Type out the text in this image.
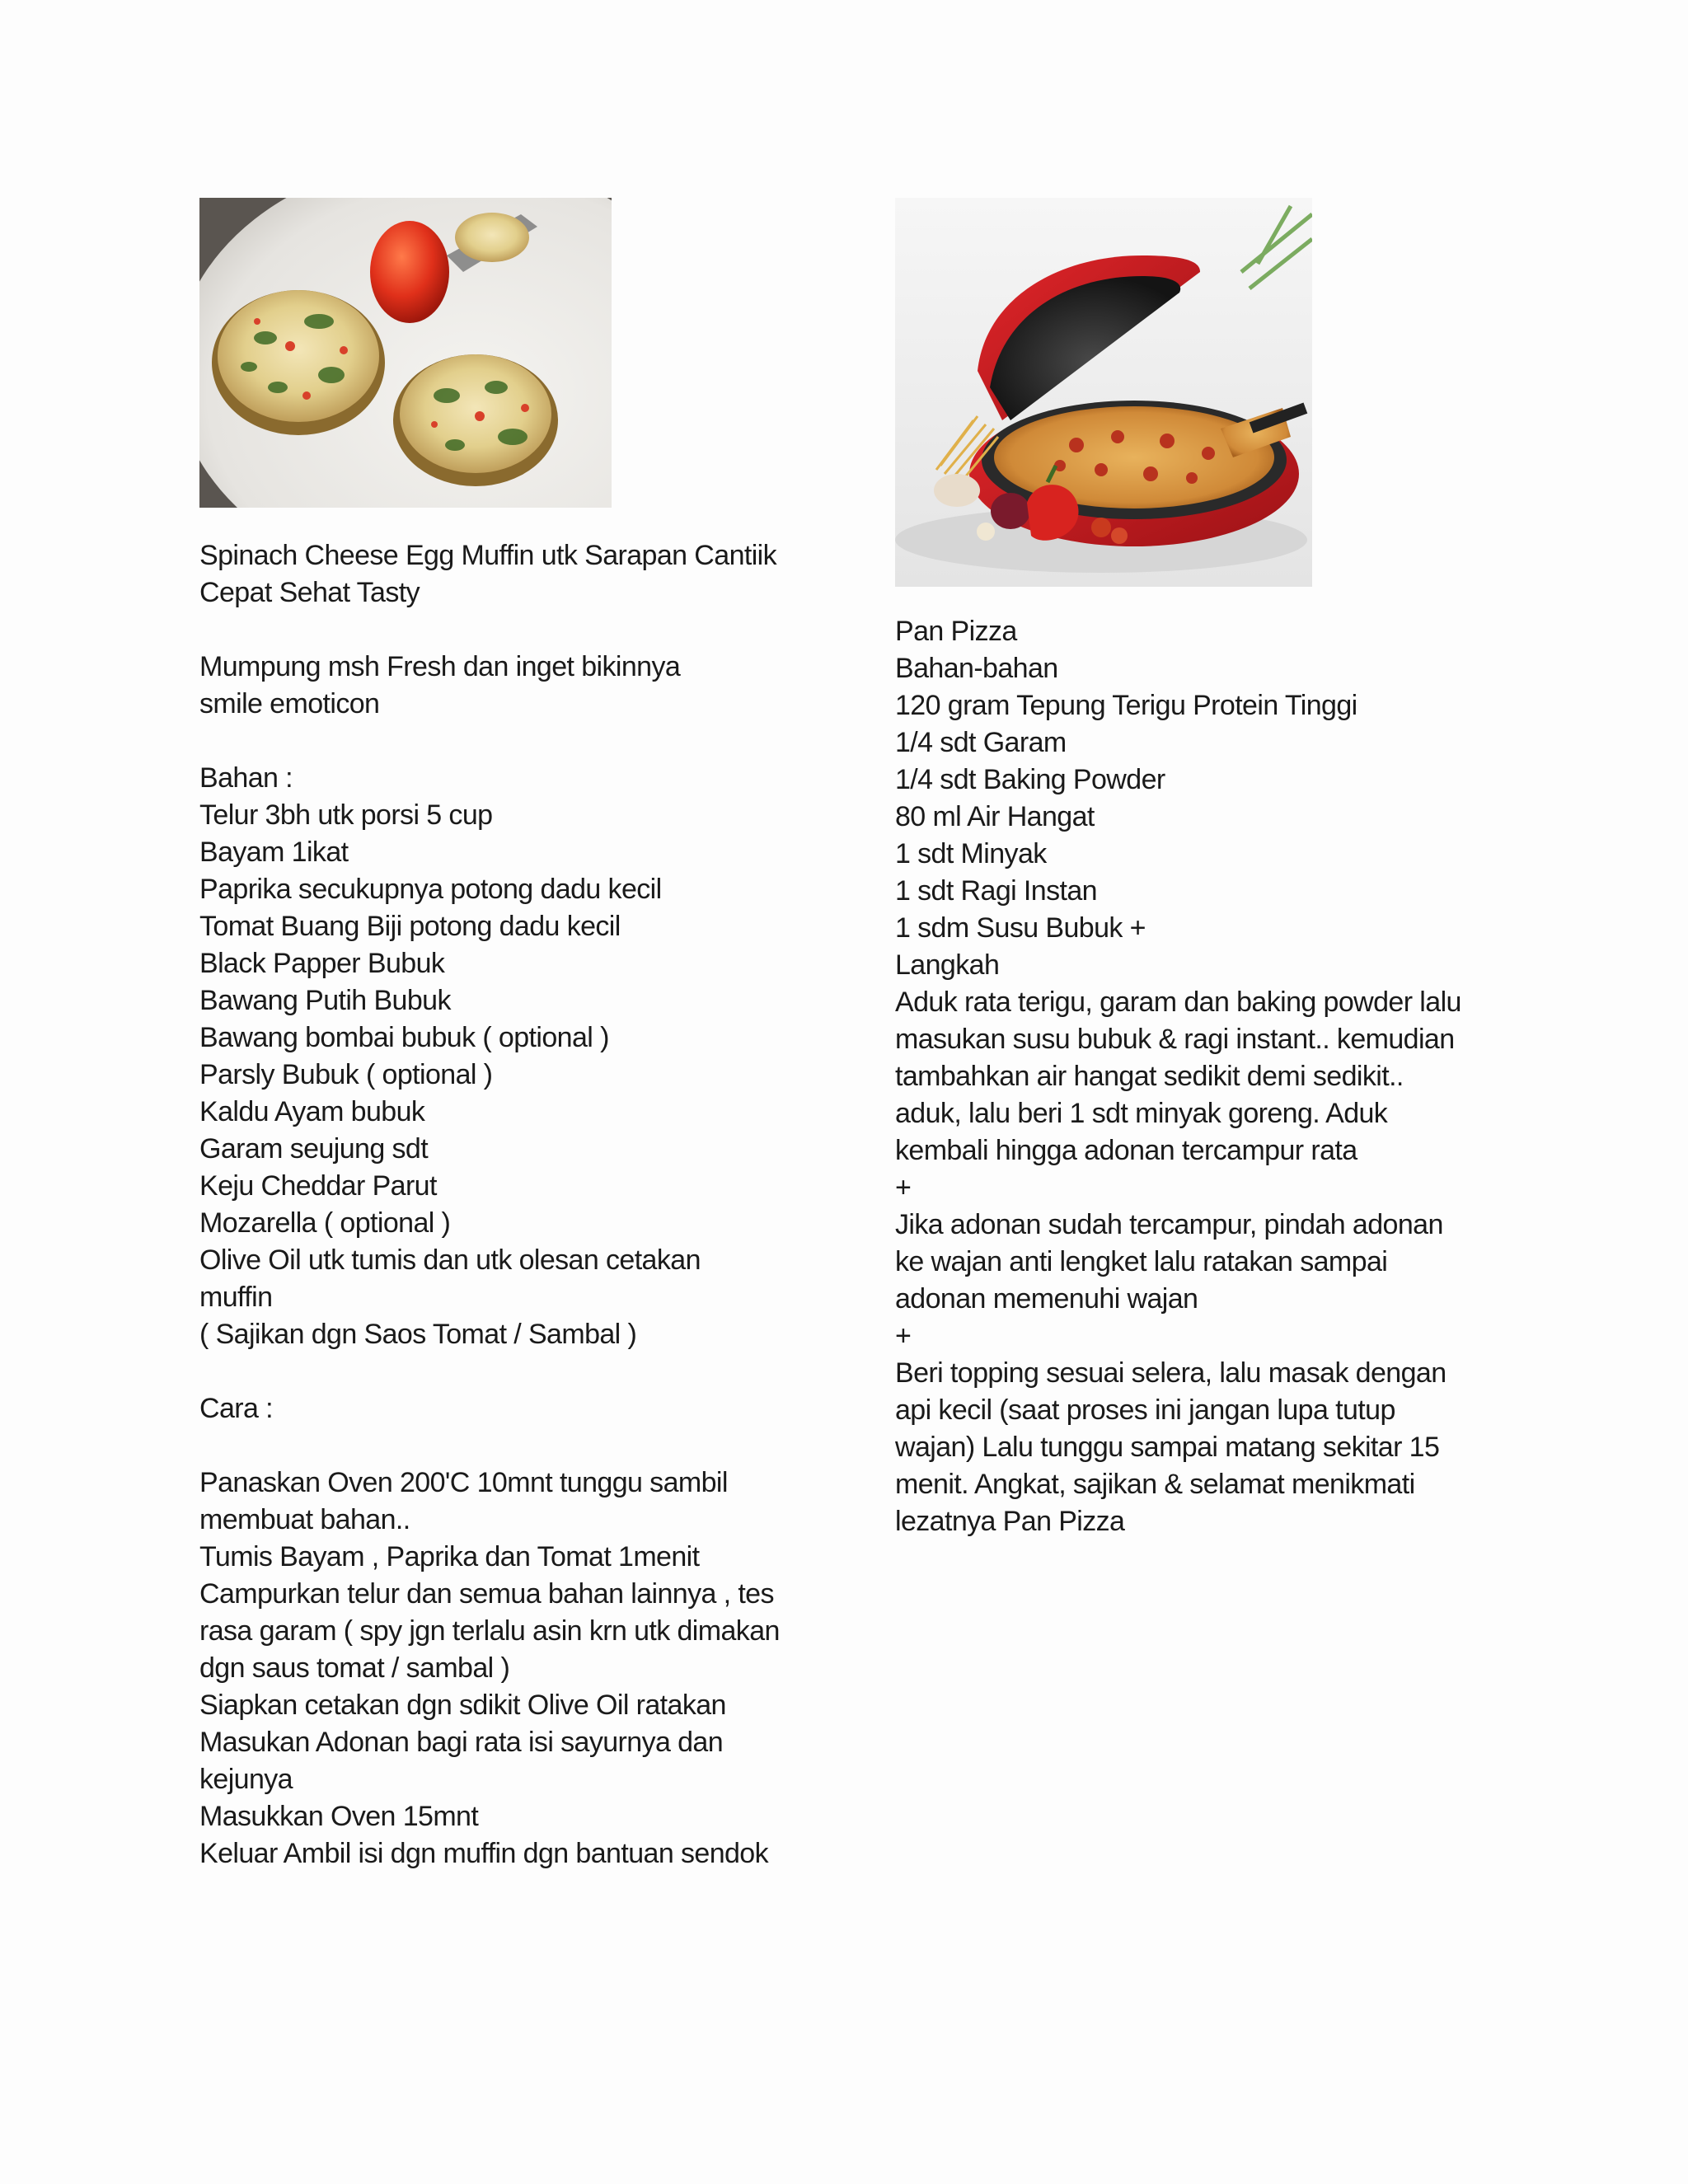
Spinach Cheese Egg Muffin utk Sarapan Cantiik
Cepat Sehat Tasty
Mumpung msh Fresh dan inget bikinnya
smile emoticon
Bahan :
Telur 3bh utk porsi 5 cup
Bayam 1ikat
Paprika secukupnya potong dadu kecil
Tomat Buang Biji potong dadu kecil
Black Papper Bubuk
Bawang Putih Bubuk
Bawang bombai bubuk ( optional )
Parsly Bubuk ( optional )
Kaldu Ayam bubuk
Garam seujung sdt
Keju Cheddar Parut
Mozarella ( optional )
Olive Oil utk tumis dan utk olesan cetakan
muffin
( Sajikan dgn Saos Tomat / Sambal )
Cara :
Panaskan Oven 200'C 10mnt tunggu sambil
membuat bahan..
Tumis Bayam , Paprika dan Tomat 1menit
Campurkan telur dan semua bahan lainnya , tes
rasa garam ( spy jgn terlalu asin krn utk dimakan
dgn saus tomat / sambal )
Siapkan cetakan dgn sdikit Olive Oil ratakan
Masukan Adonan bagi rata isi sayurnya dan
kejunya
Masukkan Oven 15mnt
Keluar Ambil isi dgn muffin dgn bantuan sendok
Pan Pizza
Bahan-bahan
120 gram Tepung Terigu Protein Tinggi
1/4 sdt Garam
1/4 sdt Baking Powder
80 ml Air Hangat
1 sdt Minyak
1 sdt Ragi Instan
1 sdm Susu Bubuk +
Langkah
Aduk rata terigu, garam dan baking powder lalu
masukan susu bubuk & ragi instant.. kemudian
tambahkan air hangat sedikit demi sedikit..
aduk, lalu beri 1 sdt minyak goreng. Aduk
kembali hingga adonan tercampur rata
+
Jika adonan sudah tercampur, pindah adonan
ke wajan anti lengket lalu ratakan sampai
adonan memenuhi wajan
+
Beri topping sesuai selera, lalu masak dengan
api kecil (saat proses ini jangan lupa tutup
wajan) Lalu tunggu sampai matang sekitar 15
menit. Angkat, sajikan & selamat menikmati
lezatnya Pan Pizza
